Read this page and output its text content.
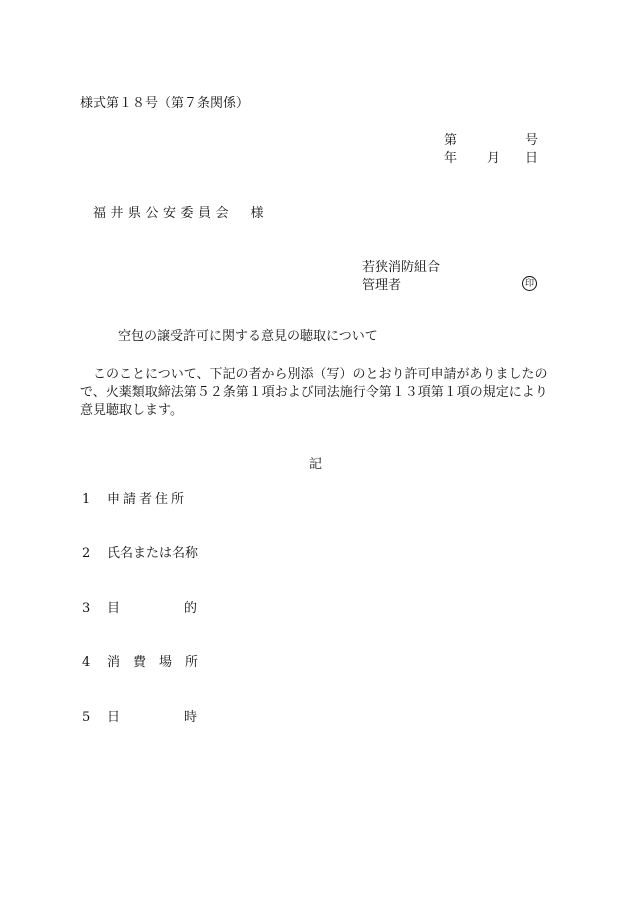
様式第１８号（第７条関係）
第	号
年 月 日
福井県公安委員会　様
若狭消防組合
管理者	印
空包の譲受許可に関する意見の聴取について
このことについて、下記の者から別添（写）のとおり許可申請がありましたので、火薬類取締法第５２条第１項および同法施行令第１３項第１項の規定により意見聴取します。
記
1 申請者住所
2 氏名または名称
3 目	的
4 消費場所
5 日	時
